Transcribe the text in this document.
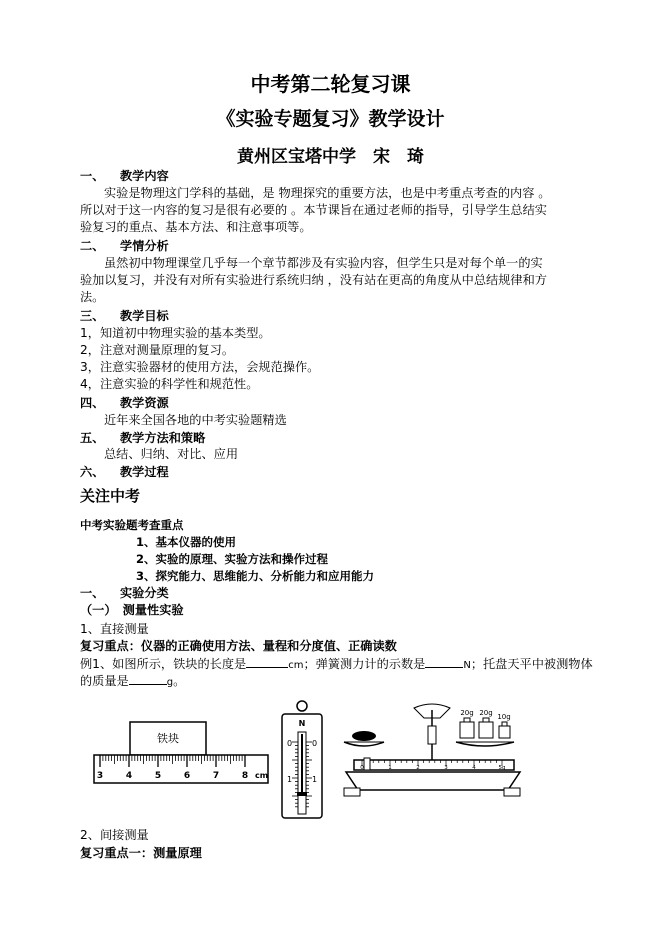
中考第二轮复习课
《实验专题复习》教学设计
黄州区宝塔中学　宋　琦
一、 教学内容
实验是物理这门学科的基础，是 物理探究的重要方法，也是中考重点考查的内容 。
所以对于这一内容的复习是很有必要的 。本节课旨在通过老师的指导，引导学生总结实
验复习的重点、基本方法、和注意事项等。
二、 学情分析
虽然初中物理课堂几乎每一个章节都涉及有实验内容，但学生只是对每个单一的实
验加以复习，并没有对所有实验进行系统归纳 ，没有站在更高的角度从中总结规律和方
法。
三、 教学目标
1，知道初中物理实验的基本类型。
2，注意对测量原理的复习。
3，注意实验器材的使用方法，会规范操作。
4，注意实验的科学性和规范性。
四、 教学资源
近年来全国各地的中考实验题精选
五、 教学方法和策略
总结、归纳、对比、应用
六、 教学过程
关注中考
中考实验题考查重点
1、基本仪器的使用
2、实验的原理、实验方法和操作过程
3、探究能力、思维能力、分析能力和应用能力
一、 实验分类
（一）　测量性实验
1、直接测量
复习重点：仪器的正确使用方法、量程和分度值、正确读数
例1、如图所示，铁块的长度是	cm；弹簧测力计的示数是	N；托盘天平中被测物体
的质量是	g。
铁块
3	4	5	6	7	8 cm
N
0
1
0
1
20g 20g 10g
0	1	2	3	4	5g
2、间接测量
复习重点一：测量原理
